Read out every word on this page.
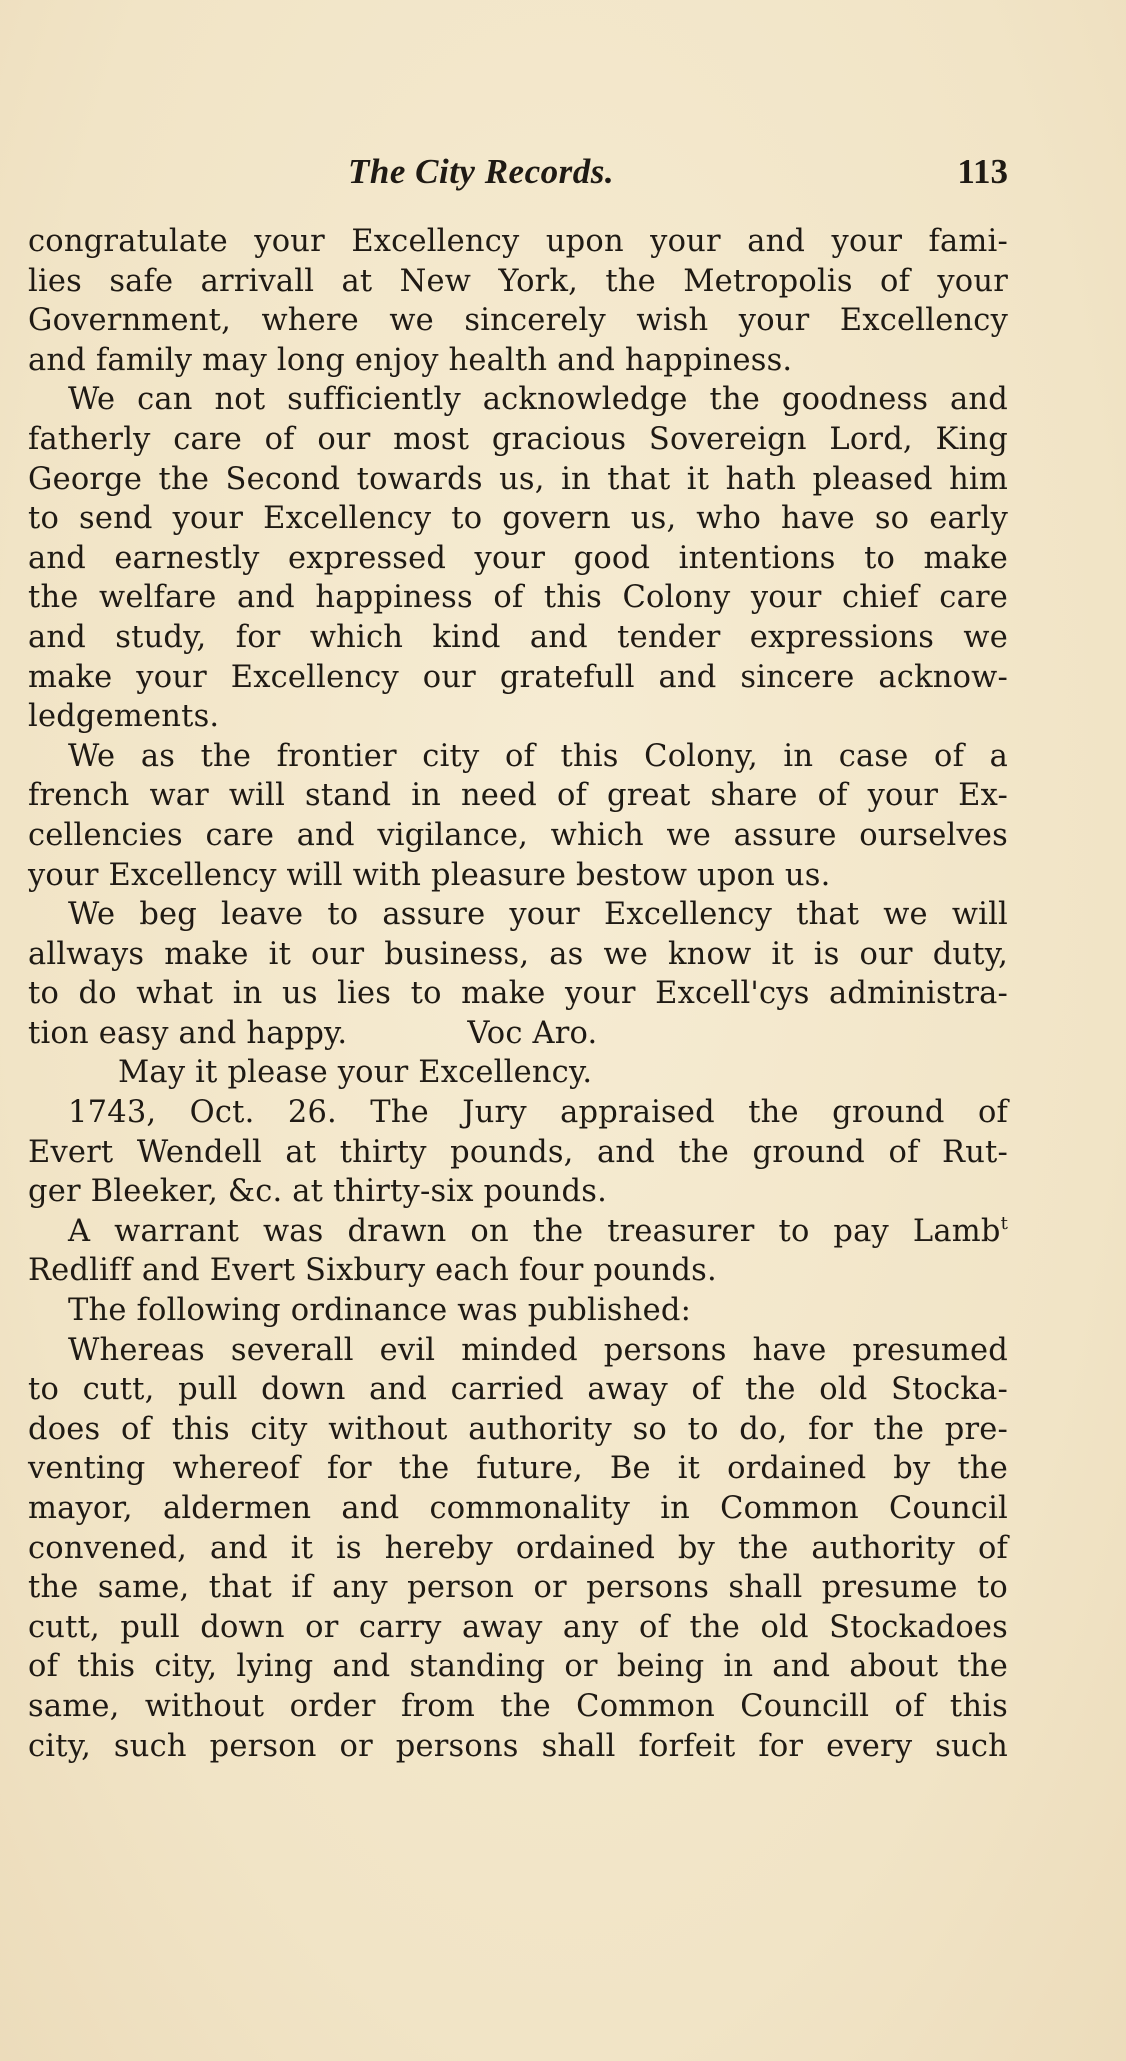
The City Records.	113
congratulate your Excellency upon your and your fami-
lies safe arrivall at New York, the Metropolis of your
Government, where we sincerely wish your Excellency
and family may long enjoy health and happiness.
We can not sufficiently acknowledge the goodness and
fatherly care of our most gracious Sovereign Lord, King
George the Second towards us, in that it hath pleased him
to send your Excellency to govern us, who have so early
and earnestly expressed your good intentions to make
the welfare and happiness of this Colony your chief care
and study, for which kind and tender expressions we
make your Excellency our gratefull and sincere acknow-
ledgements.
We as the frontier city of this Colony, in case of a
french war will stand in need of great share of your Ex-
cellencies care and vigilance, which we assure ourselves
your Excellency will with pleasure bestow upon us.
We beg leave to assure your Excellency that we will
allways make it our business, as we know it is our duty,
to do what in us lies to make your Excell'cys administra-
tion easy and happy.	Voc Aro.
May it please your Excellency.
1743, Oct. 26. The Jury appraised the ground of
Evert Wendell at thirty pounds, and the ground of Rut-
ger Bleeker, &c. at thirty-six pounds.
A warrant was drawn on the treasurer to pay Lamb$^t$
Redliff and Evert Sixbury each four pounds.
The following ordinance was published:
Whereas severall evil minded persons have presumed
to cutt, pull down and carried away of the old Stocka-
does of this city without authority so to do, for the pre-
venting whereof for the future, Be it ordained by the
mayor, aldermen and commonality in Common Council
convened, and it is hereby ordained by the authority of
the same, that if any person or persons shall presume to
cutt, pull down or carry away any of the old Stockadoes
of this city, lying and standing or being in and about the
same, without order from the Common Councill of this
city, such person or persons shall forfeit for every such
